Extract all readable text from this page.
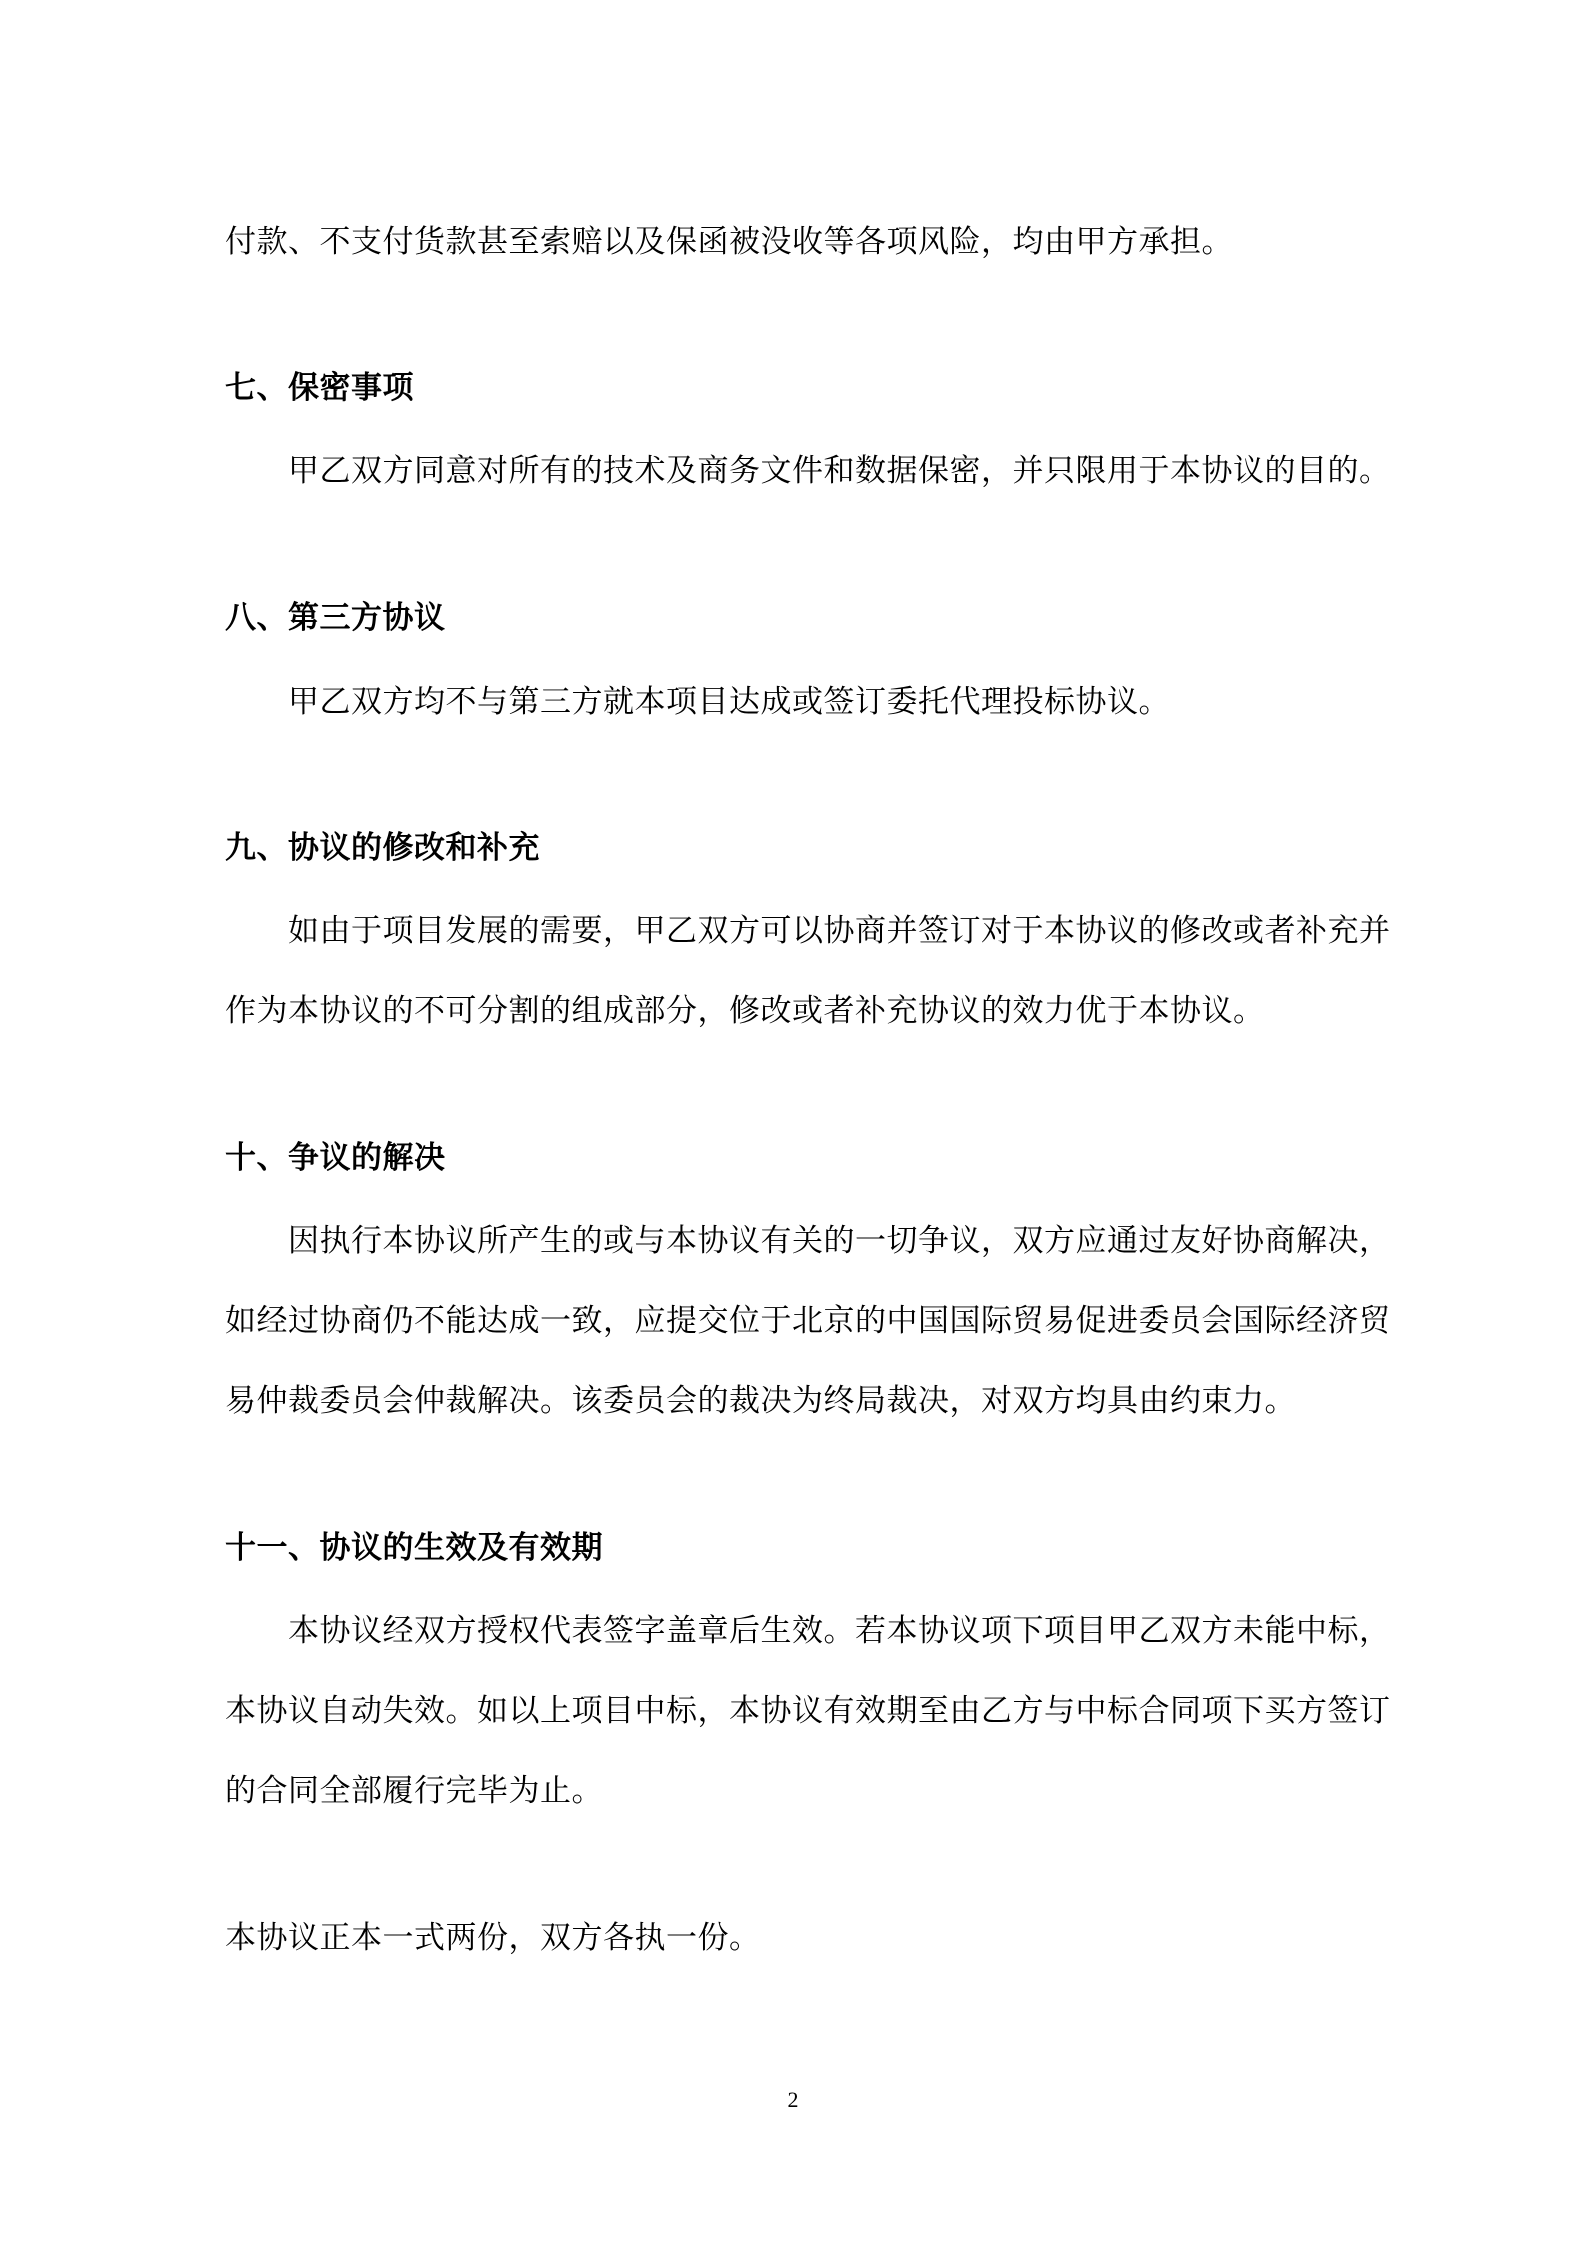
付款、不支付货款甚至索赔以及保函被没收等各项风险，均由甲方承担。
七、保密事项
甲乙双方同意对所有的技术及商务文件和数据保密，并只限用于本协议的目的。
八、第三方协议
甲乙双方均不与第三方就本项目达成或签订委托代理投标协议。
九、协议的修改和补充
如由于项目发展的需要，甲乙双方可以协商并签订对于本协议的修改或者补充并
作为本协议的不可分割的组成部分，修改或者补充协议的效力优于本协议。
十、争议的解决
因执行本协议所产生的或与本协议有关的一切争议，双方应通过友好协商解决，
如经过协商仍不能达成一致，应提交位于北京的中国国际贸易促进委员会国际经济贸
易仲裁委员会仲裁解决。该委员会的裁决为终局裁决，对双方均具由约束力。
十一、协议的生效及有效期
本协议经双方授权代表签字盖章后生效。若本协议项下项目甲乙双方未能中标，
本协议自动失效。如以上项目中标，本协议有效期至由乙方与中标合同项下买方签订
的合同全部履行完毕为止。
本协议正本一式两份，双方各执一份。
2
